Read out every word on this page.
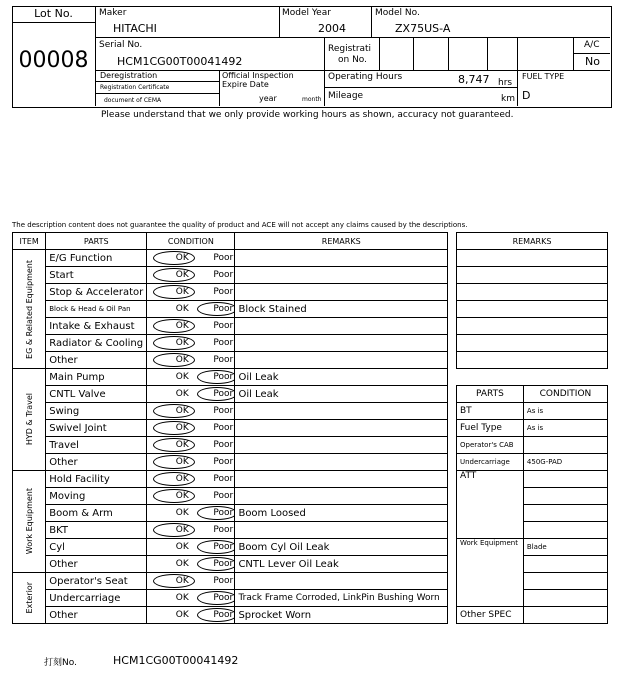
Lot No.
00008
Maker
HITACHI
Model Year
2004
Model No.
ZX75US-A
Serial No.
HCM1CG00T00041492
Registrati
on No.
A/C
No
Deregistration
Registration Certificate
document of CEMA
Official Inspection
Expire Date
year	month
Operating Hours	8,747 hrs
Mileage	km
FUEL TYPE
D
Please understand that we only provide working hours as shown, accuracy not guaranteed.
The description content does not guarantee the quality of product and ACE will not accept any claims caused by the descriptions.
ITEM	PARTS	CONDITION	REMARKS

EG & Related Equipment	E/G Function	OK Poor	

	Start	OK Poor	

	Stop & Accelerator	OK Poor	

	Block & Head & Oil Pan	OK Poor	Block Stained
	Intake & Exhaust	OK Poor	

	Radiator & Cooling	OK Poor	

	Other	OK Poor	

HYD & Travel	Main Pump	OK Poor	Oil Leak
	CNTL Valve	OK Poor	Oil Leak
	Swing	OK Poor	

	Swivel Joint	OK Poor	

	Travel	OK Poor	

	Other	OK Poor	

Work Equipment	Hold Facility	OK Poor	

	Moving	OK Poor	

	Boom & Arm	OK Poor	Boom Loosed
	BKT	OK Poor	

	Cyl	OK Poor	Boom Cyl Oil Leak
	Other	OK Poor	CNTL Lever Oil Leak

Exterior	Operator's Seat	OK Poor	

	Undercarriage	OK Poor	Track Frame Corroded, LinkPin Bushing Worn
	Other	OK Poor	Sprocket Worn
REMARKS

PARTS	CONDITION
BT	As is
Fuel Type	As is
Operator's CAB	
Undercarriage	450G-PAD
ATT	

Work Equipment	Blade

Other SPEC	
打刻No.	HCM1CG00T00041492
